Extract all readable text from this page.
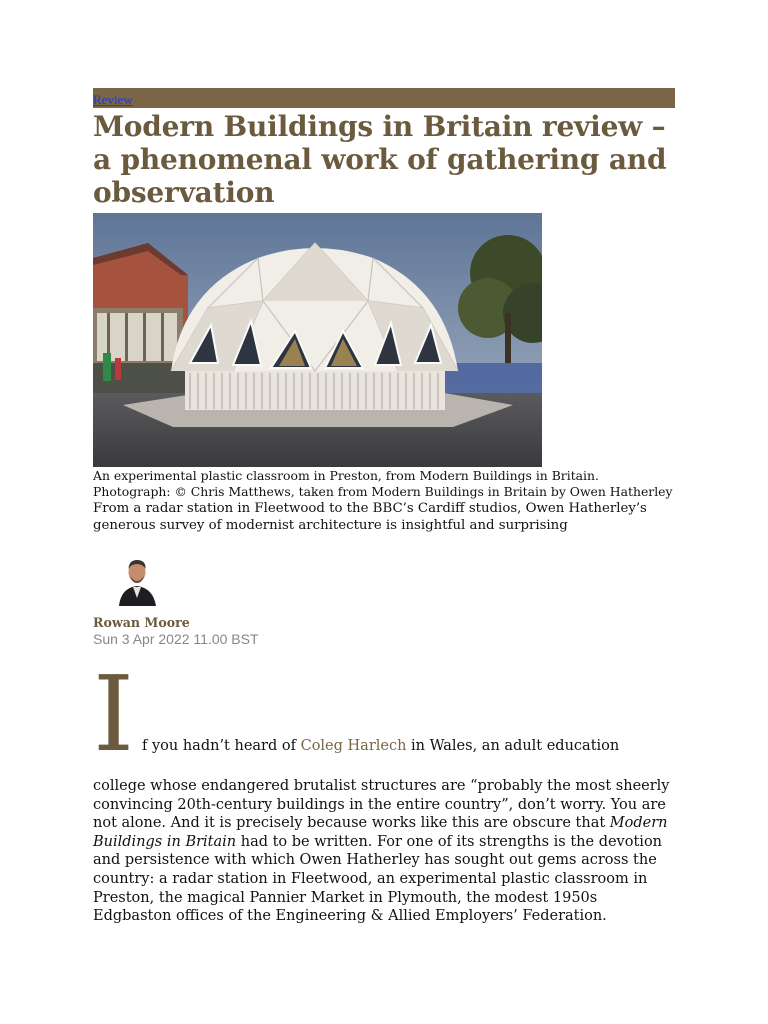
Review
Modern Buildings in Britain review – a phenomenal work of gathering and observation
An experimental plastic classroom in Preston, from Modern Buildings in Britain. Photograph: © Chris Matthews, taken from Modern Buildings in Britain by Owen Hatherley
From a radar station in Fleetwood to the BBC’s Cardiff studios, Owen Hatherley’s generous survey of modernist architecture is insightful and surprising
Rowan Moore
Sun 3 Apr 2022 11.00 BST
I f you hadn’t heard of Coleg Harlech in Wales, an adult education
college whose endangered brutalist structures are “probably the most sheerly convincing 20th-century buildings in the entire country”, don’t worry. You are not alone. And it is precisely because works like this are obscure that Modern Buildings in Britain had to be written. For one of its strengths is the devotion and persistence with which Owen Hatherley has sought out gems across the country: a radar station in Fleetwood, an experimental plastic classroom in Preston, the magical Pannier Market in Plymouth, the modest 1950s Edgbaston offices of the Engineering & Allied Employers’ Federation.
